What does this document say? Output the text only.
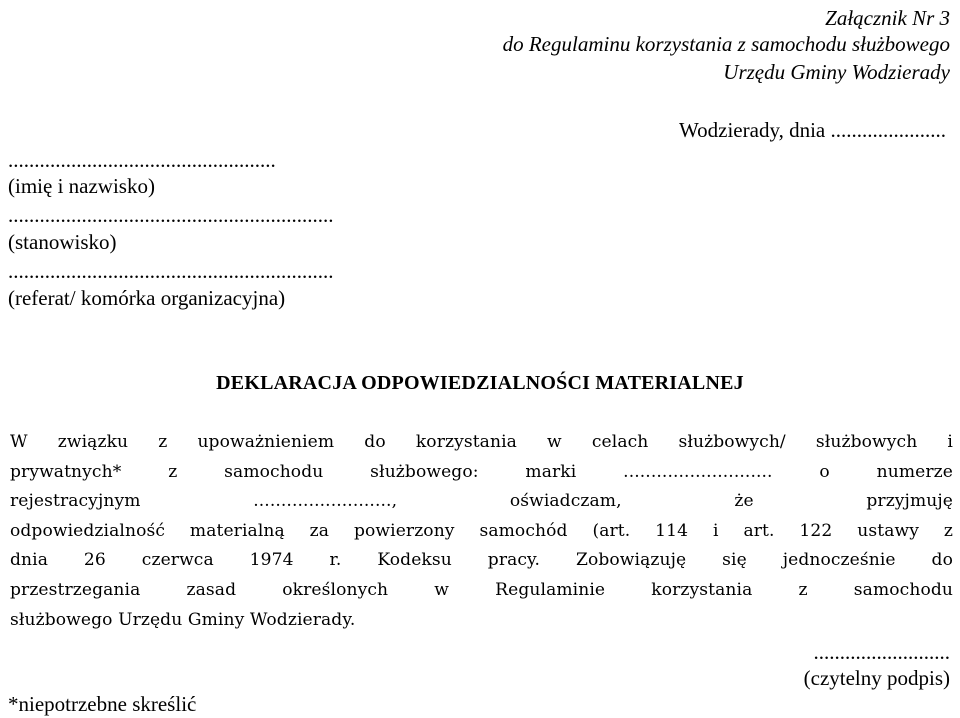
Załącznik Nr 3
do Regulaminu korzystania z samochodu służbowego
Urzędu Gminy Wodzierady
Wodzierady, dnia ......................
...................................................
(imię i nazwisko)
..............................................................
(stanowisko)
..............................................................
(referat/ komórka organizacyjna)
DEKLARACJA ODPOWIEDZIALNOŚCI MATERIALNEJ
W związku z upoważnieniem do korzystania w celach służbowych/ służbowych i
prywatnych* z samochodu służbowego: marki ........................... o numerze
rejestracyjnym ........................., oświadczam, że przyjmuję
odpowiedzialność materialną za powierzony samochód (art. 114 i art. 122 ustawy z
dnia 26 czerwca 1974 r. Kodeksu pracy. Zobowiązuję się jednocześnie do
przestrzegania zasad określonych w Regulaminie korzystania z samochodu
służbowego Urzędu Gminy Wodzierady.
..........................
(czytelny podpis)
*niepotrzebne skreślić
